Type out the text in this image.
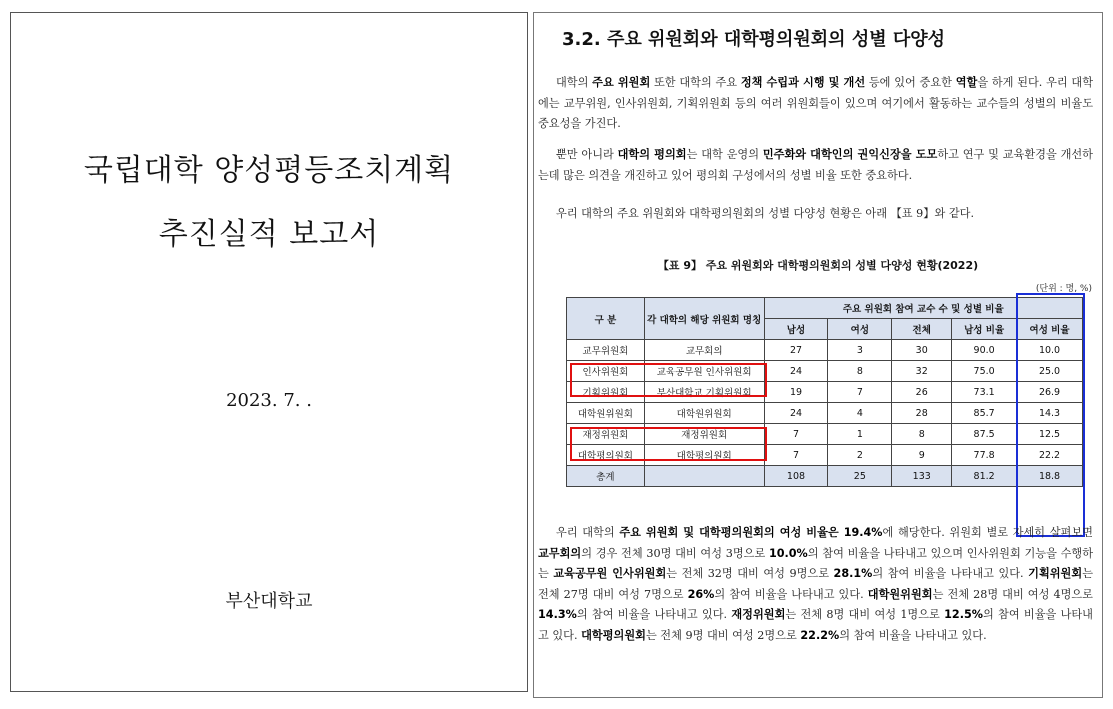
국립대학 양성평등조치계획
추진실적 보고서
2023. 7. .
부산대학교
3.2. 주요 위원회와 대학평의원회의 성별 다양성
대학의 주요 위원회 또한 대학의 주요 정책 수립과 시행 및 개선 등에 있어 중요한 역할을 하게 된다. 우리 대학에는 교무위원, 인사위원회, 기획위원회 등의 여러 위원회들이 있으며 여기에서 활동하는 교수들의 성별의 비율도 중요성을 가진다.
뿐만 아니라 대학의 평의회는 대학 운영의 민주화와 대학인의 권익신장을 도모하고 연구 및 교육환경을 개선하는데 많은 의견을 개진하고 있어 평의회 구성에서의 성별 비율 또한 중요하다.
우리 대학의 주요 위원회와 대학평의원회의 성별 다양성 현황은 아래 【표 9】와 같다.
【표 9】 주요 위원회와 대학평의원회의 성별 다양성 현황(2022)
(단위 : 명, %)
구 분	각 대학의 해당 위원회 명칭	주요 위원회 참여 교수 수 및 성별 비율				
		남성	여성	전체	남성 비율	여성 비율
교무위원회	교무회의	27	3	30	90.0	10.0
인사위원회	교육공무원 인사위원회	24	8	32	75.0	25.0
기획위원회	부산대학교 기획위원회	19	7	26	73.1	26.9
대학원위원회	대학원위원회	24	4	28	85.7	14.3
재정위원회	재정위원회	7	1	8	87.5	12.5
대학평의원회	대학평의원회	7	2	9	77.8	22.2
총계		108	25	133	81.2	18.8
우리 대학의 주요 위원회 및 대학평의원회의 여성 비율은 19.4%에 해당한다. 위원회 별로 자세히 살펴보면 교무회의의 경우 전체 30명 대비 여성 3명으로 10.0%의 참여 비율을 나타내고 있으며 인사위원회 기능을 수행하는 교육공무원 인사위원회는 전체 32명 대비 여성 9명으로 28.1%의 참여 비율을 나타내고 있다. 기획위원회는 전체 27명 대비 여성 7명으로 26%의 참여 비율을 나타내고 있다. 대학원위원회는 전체 28명 대비 여성 4명으로 14.3%의 참여 비율을 나타내고 있다. 재정위원회는 전체 8명 대비 여성 1명으로 12.5%의 참여 비율을 나타내고 있다. 대학평의원회는 전체 9명 대비 여성 2명으로 22.2%의 참여 비율을 나타내고 있다.
